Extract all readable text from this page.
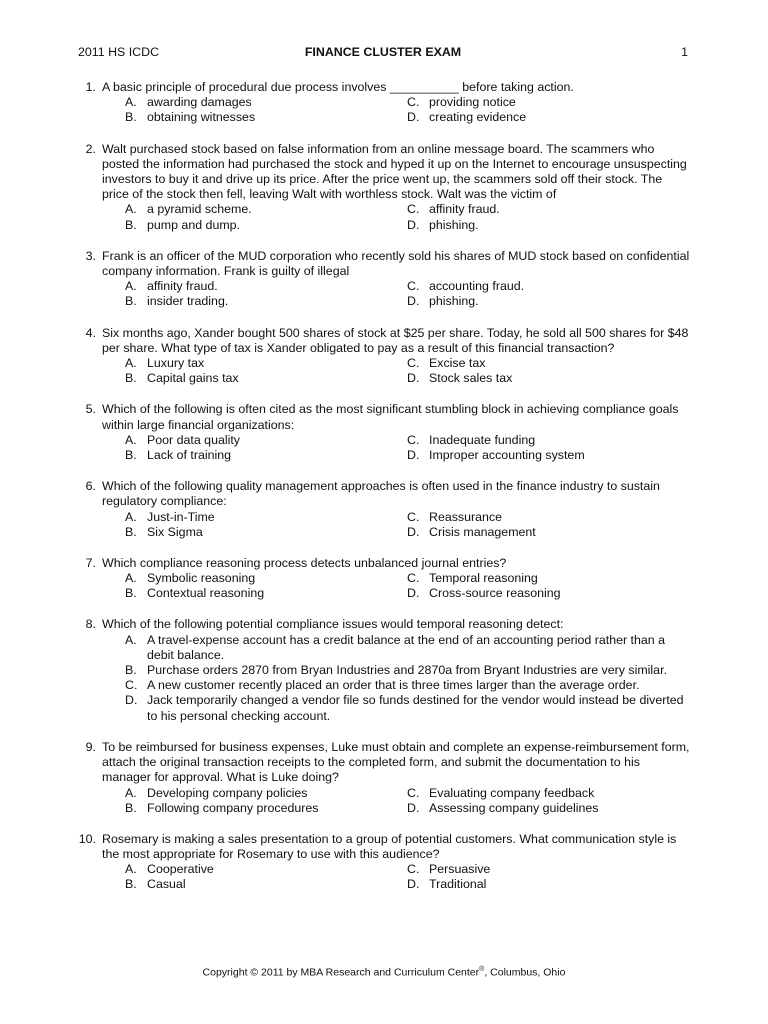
2011 HS ICDC	FINANCE CLUSTER EXAM	1
1. A basic principle of procedural due process involves __________ before taking action.
A. awarding damages	C. providing notice
B. obtaining witnesses	D. creating evidence
2. Walt purchased stock based on false information from an online message board. The scammers who posted the information had purchased the stock and hyped it up on the Internet to encourage unsuspecting investors to buy it and drive up its price. After the price went up, the scammers sold off their stock. The price of the stock then fell, leaving Walt with worthless stock. Walt was the victim of
A. a pyramid scheme.	C. affinity fraud.
B. pump and dump.	D. phishing.
3. Frank is an officer of the MUD corporation who recently sold his shares of MUD stock based on confidential company information. Frank is guilty of illegal
A. affinity fraud.	C. accounting fraud.
B. insider trading.	D. phishing.
4. Six months ago, Xander bought 500 shares of stock at $25 per share. Today, he sold all 500 shares for $48 per share. What type of tax is Xander obligated to pay as a result of this financial transaction?
A. Luxury tax	C. Excise tax
B. Capital gains tax	D. Stock sales tax
5. Which of the following is often cited as the most significant stumbling block in achieving compliance goals within large financial organizations:
A. Poor data quality	C. Inadequate funding
B. Lack of training	D. Improper accounting system
6. Which of the following quality management approaches is often used in the finance industry to sustain regulatory compliance:
A. Just-in-Time	C. Reassurance
B. Six Sigma	D. Crisis management
7. Which compliance reasoning process detects unbalanced journal entries?
A. Symbolic reasoning	C. Temporal reasoning
B. Contextual reasoning	D. Cross-source reasoning
8. Which of the following potential compliance issues would temporal reasoning detect:
A. A travel-expense account has a credit balance at the end of an accounting period rather than a debit balance.
B. Purchase orders 2870 from Bryan Industries and 2870a from Bryant Industries are very similar.
C. A new customer recently placed an order that is three times larger than the average order.
D. Jack temporarily changed a vendor file so funds destined for the vendor would instead be diverted to his personal checking account.
9. To be reimbursed for business expenses, Luke must obtain and complete an expense-reimbursement form, attach the original transaction receipts to the completed form, and submit the documentation to his manager for approval. What is Luke doing?
A. Developing company policies	C. Evaluating company feedback
B. Following company procedures	D. Assessing company guidelines
10. Rosemary is making a sales presentation to a group of potential customers. What communication style is the most appropriate for Rosemary to use with this audience?
A. Cooperative	C. Persuasive
B. Casual	D. Traditional
Copyright © 2011 by MBA Research and Curriculum Center®, Columbus, Ohio
